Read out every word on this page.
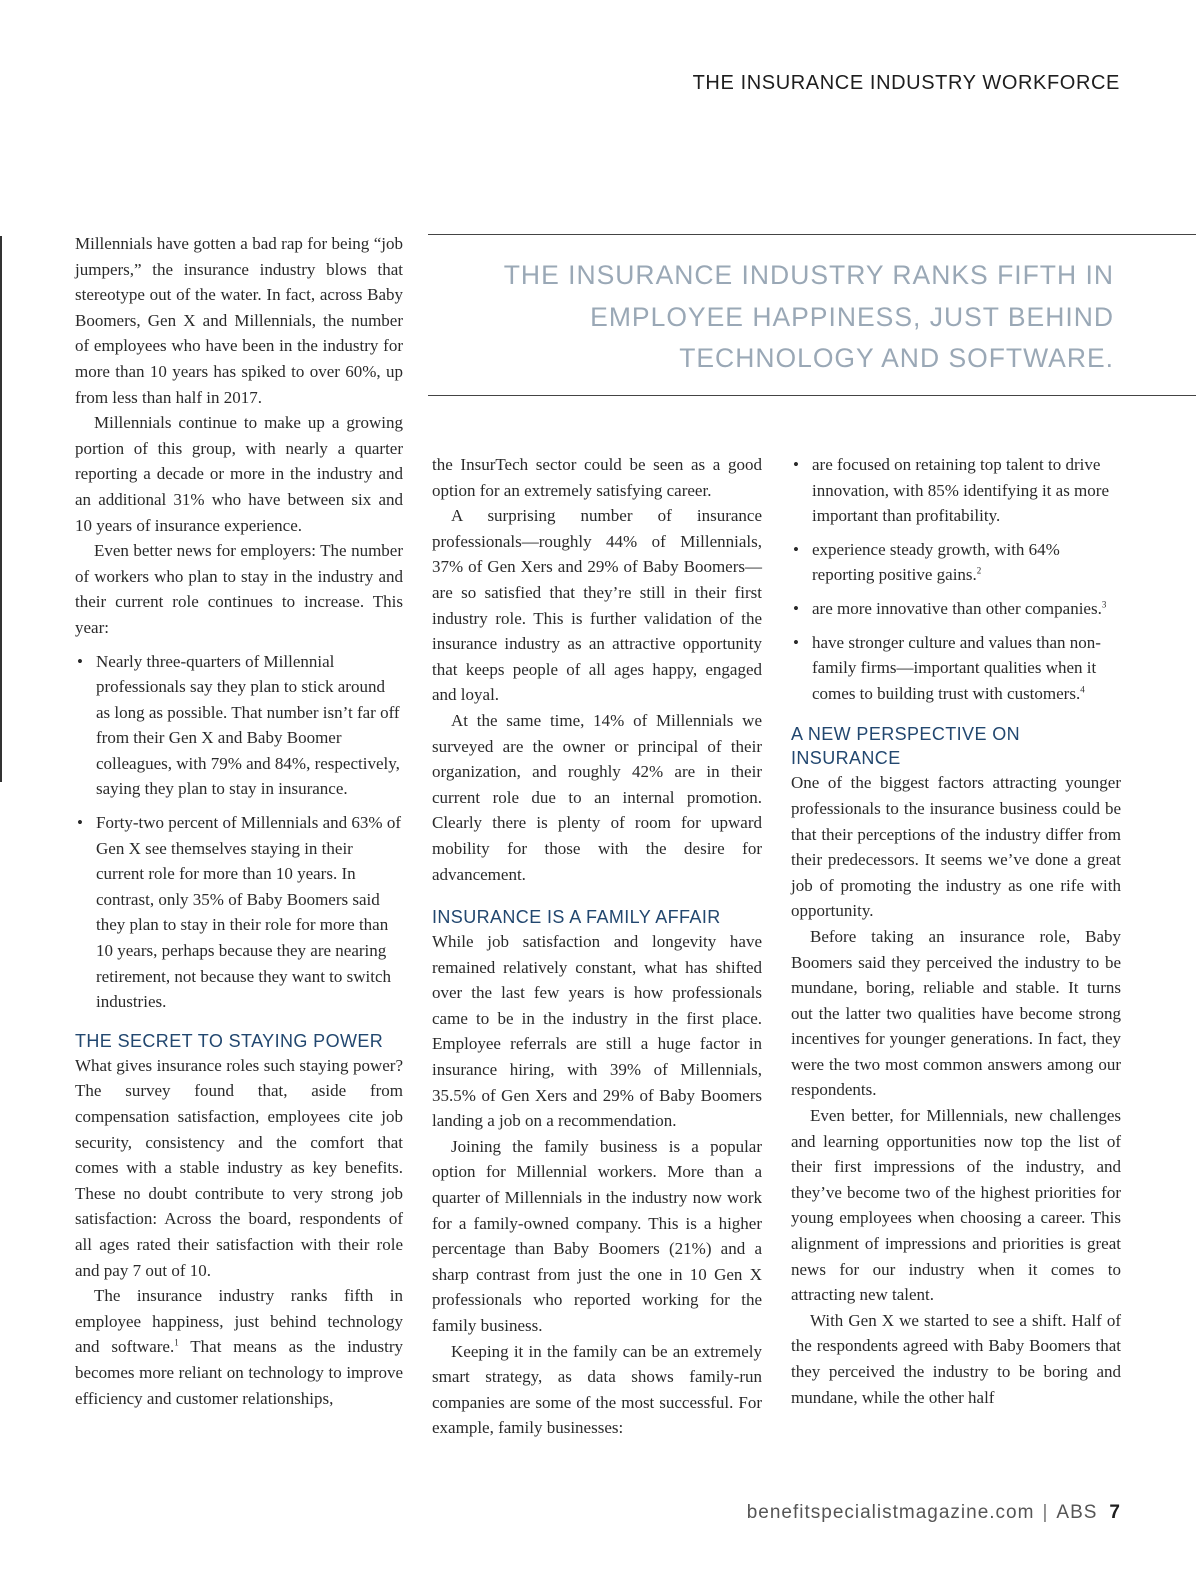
THE INSURANCE INDUSTRY WORKFORCE

THE INSURANCE INDUSTRY RANKS FIFTH IN EMPLOYEE HAPPINESS, JUST BEHIND TECHNOLOGY AND SOFTWARE.

Millennials have gotten a bad rap for being “job jumpers,” the insurance industry blows that stereotype out of the water. In fact, across Baby Boomers, Gen X and Millennials, the number of employees who have been in the industry for more than 10 years has spiked to over 60%, up from less than half in 2017.

Millennials continue to make up a growing portion of this group, with nearly a quarter reporting a decade or more in the industry and an additional 31% who have between six and 10 years of insurance experience.

Even better news for employers: The number of workers who plan to stay in the industry and their current role continues to increase. This year:

• Nearly three-quarters of Millennial professionals say they plan to stick around as long as possible. That number isn’t far off from their Gen X and Baby Boomer colleagues, with 79% and 84%, respectively, saying they plan to stay in insurance.
• Forty-two percent of Millennials and 63% of Gen X see themselves staying in their current role for more than 10 years. In contrast, only 35% of Baby Boomers said they plan to stay in their role for more than 10 years, perhaps because they are nearing retirement, not because they want to switch industries.
THE SECRET TO STAYING POWER

What gives insurance roles such staying power? The survey found that, aside from compensation satisfaction, employees cite job security, consistency and the comfort that comes with a stable industry as key benefits. These no doubt contribute to very strong job satisfaction: Across the board, respondents of all ages rated their satisfaction with their role and pay 7 out of 10.

The insurance industry ranks fifth in employee happiness, just behind technology and software.$^1$ That means as the industry becomes more reliant on technology to improve efficiency and customer relationships,

the InsurTech sector could be seen as a good option for an extremely satisfying career.

A surprising number of insurance professionals—roughly 44% of Millennials, 37% of Gen Xers and 29% of Baby Boomers—are so satisfied that they’re still in their first industry role. This is further validation of the insurance industry as an attractive opportunity that keeps people of all ages happy, engaged and loyal.

At the same time, 14% of Millennials we surveyed are the owner or principal of their organization, and roughly 42% are in their current role due to an internal promotion. Clearly there is plenty of room for upward mobility for those with the desire for advancement.

INSURANCE IS A FAMILY AFFAIR

While job satisfaction and longevity have remained relatively constant, what has shifted over the last few years is how professionals came to be in the industry in the first place. Employee referrals are still a huge factor in insurance hiring, with 39% of Millennials, 35.5% of Gen Xers and 29% of Baby Boomers landing a job on a recommendation.

Joining the family business is a popular option for Millennial workers. More than a quarter of Millennials in the industry now work for a family-owned company. This is a higher percentage than Baby Boomers (21%) and a sharp contrast from just the one in 10 Gen X professionals who reported working for the family business.

Keeping it in the family can be an extremely smart strategy, as data shows family-run companies are some of the most successful. For example, family businesses:

• are focused on retaining top talent to drive innovation, with 85% identifying it as more important than profitability.
• experience steady growth, with 64% reporting positive gains.$^2$
• are more innovative than other companies.$^3$
• have stronger culture and values than non-family firms—important qualities when it comes to building trust with customers.$^4$
A NEW PERSPECTIVE ON INSURANCE

One of the biggest factors attracting younger professionals to the insurance business could be that their perceptions of the industry differ from their predecessors. It seems we’ve done a great job of promoting the industry as one rife with opportunity.

Before taking an insurance role, Baby Boomers said they perceived the industry to be mundane, boring, reliable and stable. It turns out the latter two qualities have become strong incentives for younger generations. In fact, they were the two most common answers among our respondents.

Even better, for Millennials, new challenges and learning opportunities now top the list of their first impressions of the industry, and they’ve become two of the highest priorities for young employees when choosing a career. This alignment of impressions and priorities is great news for our industry when it comes to attracting new talent.

With Gen X we started to see a shift. Half of the respondents agreed with Baby Boomers that they perceived the industry to be boring and mundane, while the other half

benefitspecialistmagazine.com | ABS 7
